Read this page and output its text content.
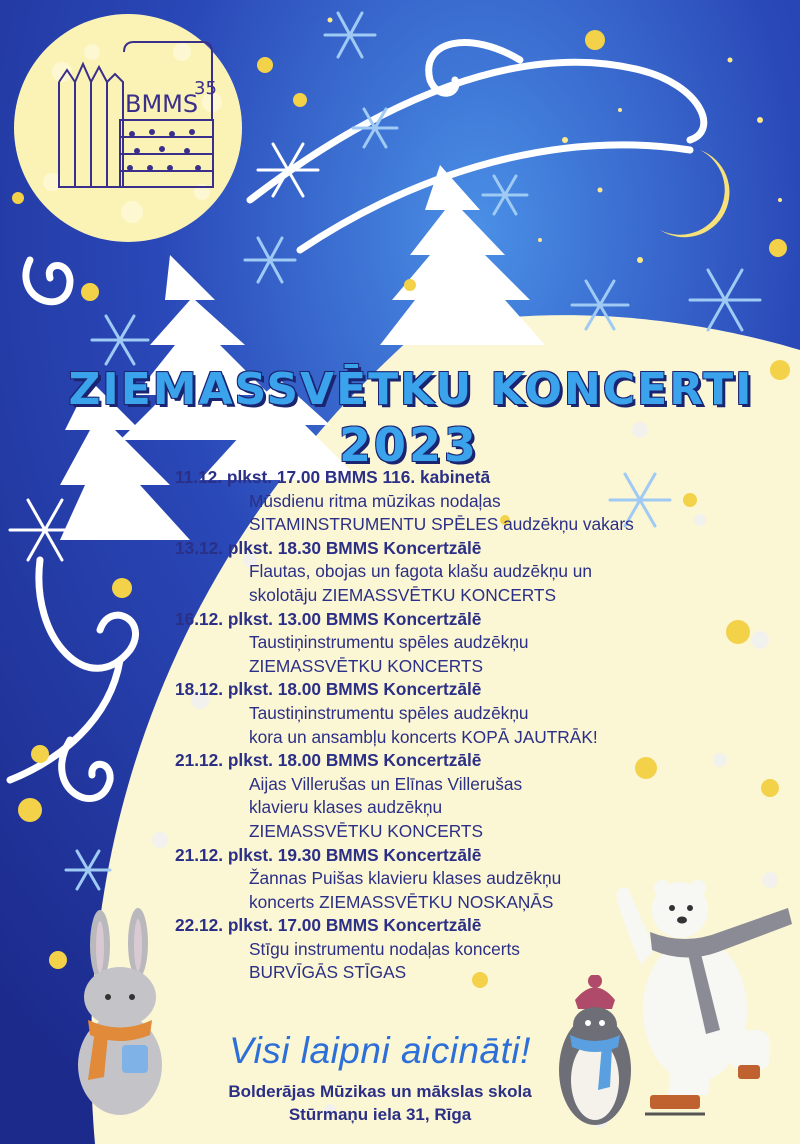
BMMS
35
ZIEMASSVĒTKU KONCERTI
2023
11.12. plkst. 17.00 BMMS 116. kabinetā
Mūsdienu ritma mūzikas nodaļas
SITAMINSTRUMENTU SPĒLES audzēkņu vakars
13.12. plkst. 18.30 BMMS Koncertzālē
Flautas, obojas un fagota klašu audzēkņu un
skolotāju ZIEMASSVĒTKU KONCERTS
16.12. plkst. 13.00 BMMS Koncertzālē
Taustiņinstrumentu spēles audzēkņu
ZIEMASSVĒTKU KONCERTS
18.12. plkst. 18.00 BMMS Koncertzālē
Taustiņinstrumentu spēles audzēkņu
kora un ansambļu koncerts KOPĀ JAUTRĀK!
21.12. plkst. 18.00 BMMS Koncertzālē
Aijas Villerušas un Elīnas Villerušas
klavieru klases audzēkņu
ZIEMASSVĒTKU KONCERTS
21.12. plkst. 19.30 BMMS Koncertzālē
Žannas Puišas klavieru klases audzēkņu
koncerts ZIEMASSVĒTKU NOSKAŅĀS
22.12. plkst. 17.00 BMMS Koncertzālē
Stīgu instrumentu nodaļas koncerts
BURVĪGĀS STĪGAS
Visi laipni aicināti!
Bolderājas Mūzikas un mākslas skola
Stūrmaņu iela 31, Rīga
